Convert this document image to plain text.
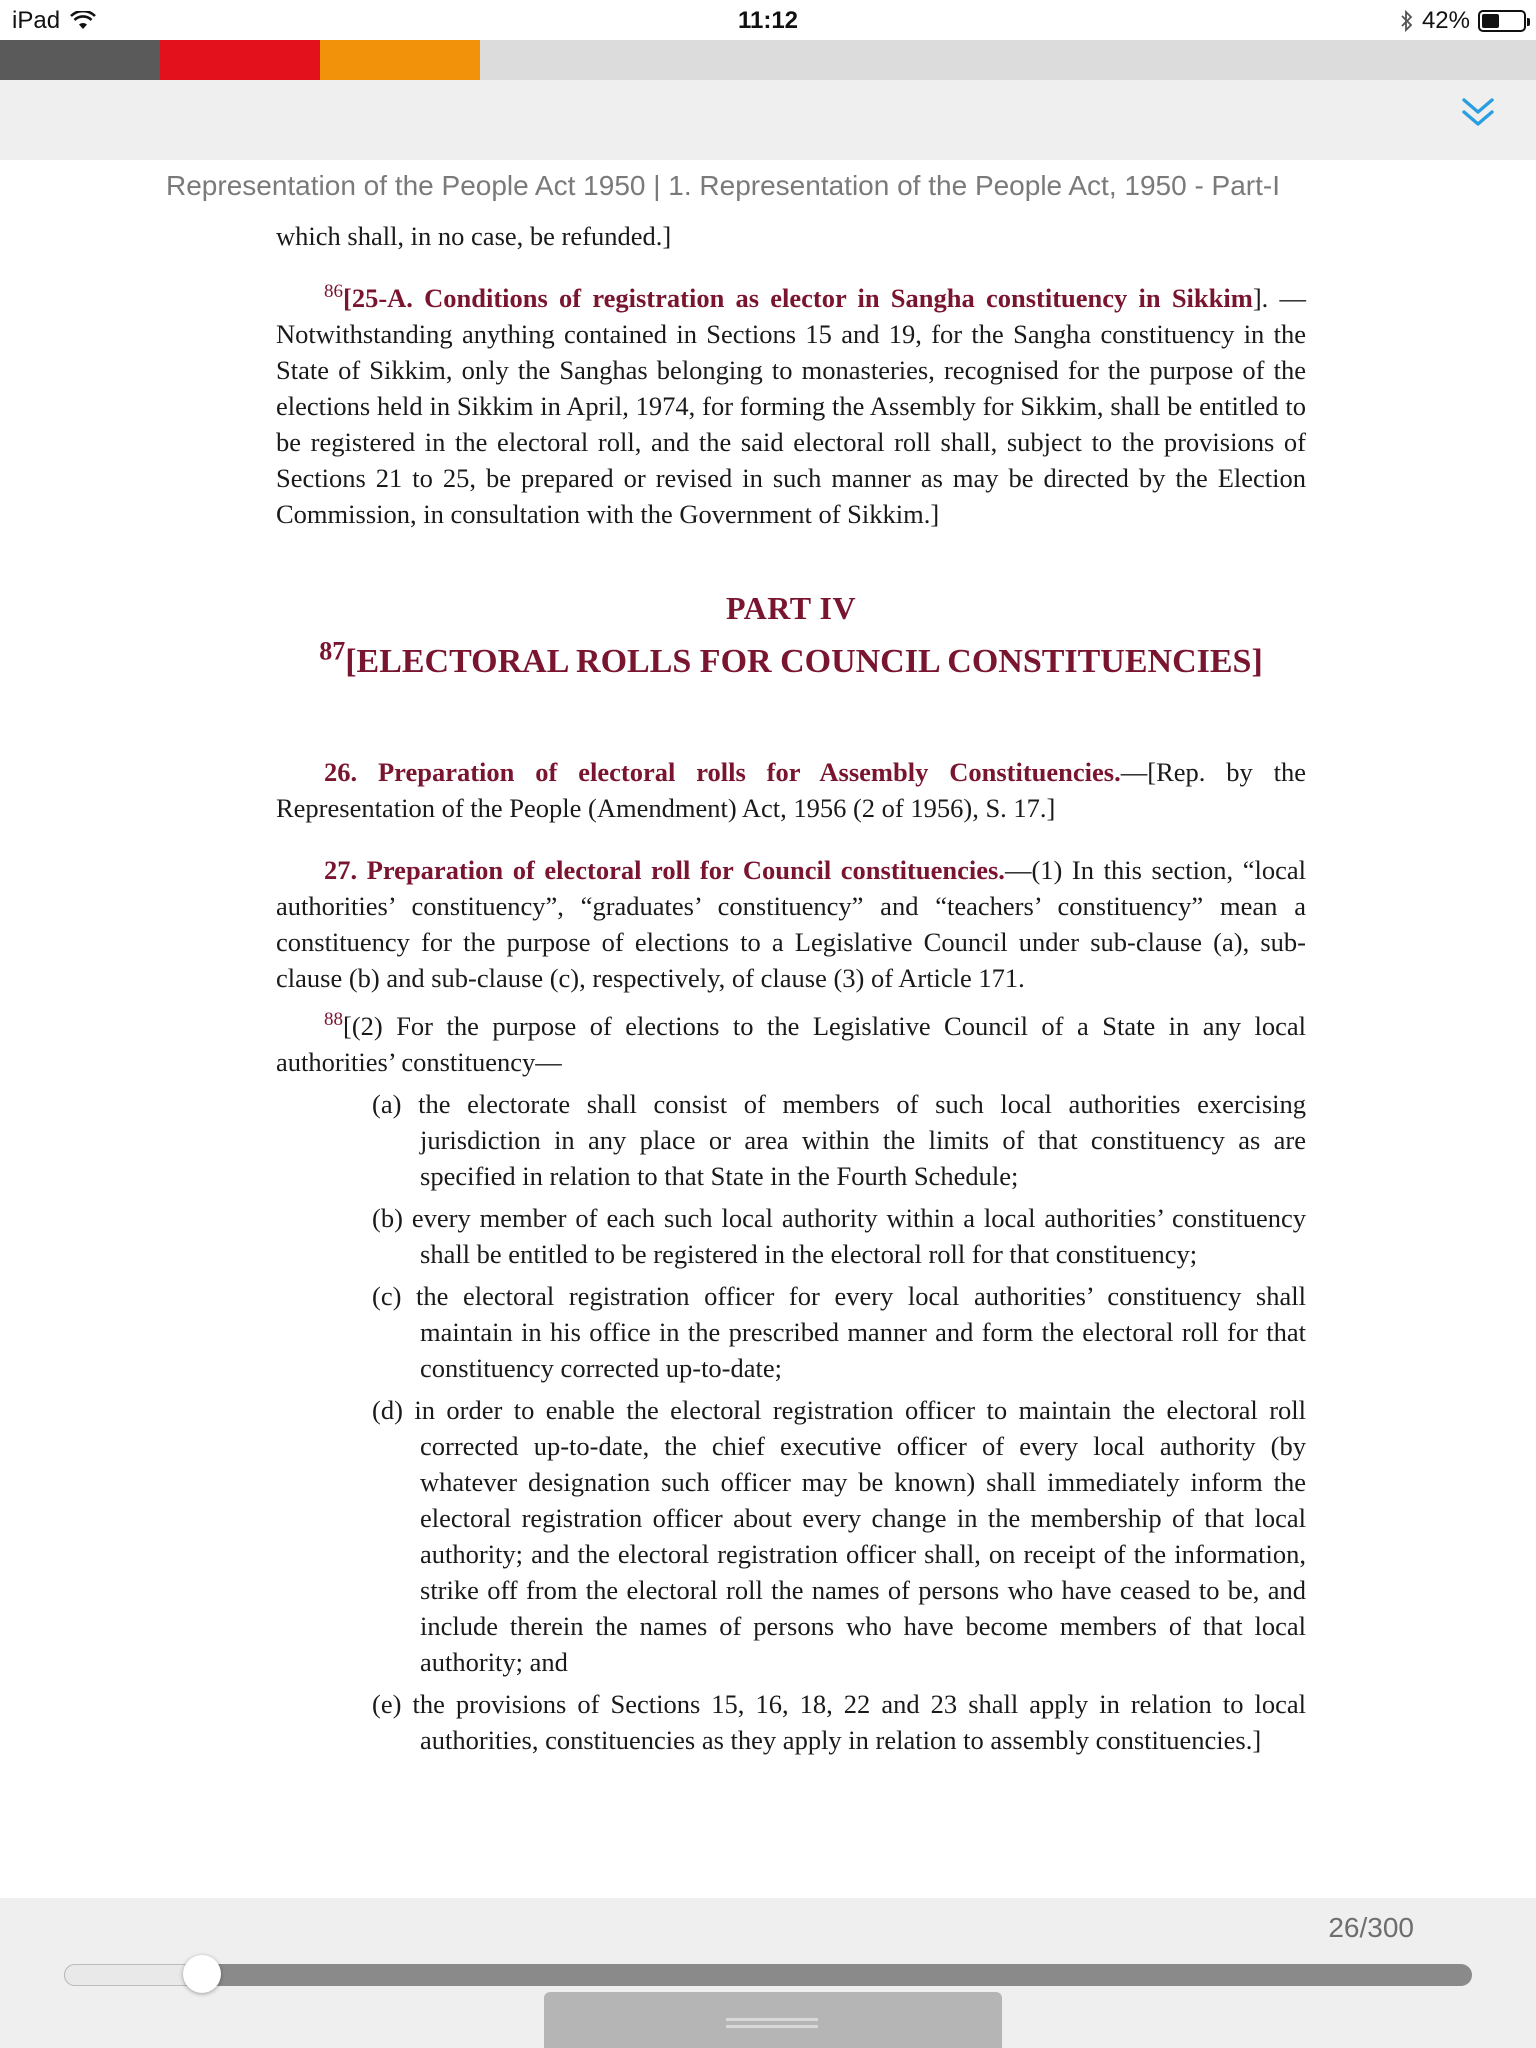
iPad	11:12	42%
Representation of the People Act 1950 | 1. Representation of the People Act, 1950 - Part-I

which shall, in no case, be refunded.]

$^{86}$[25-A. Conditions of registration as elector in Sangha constituency in Sikkim]. —Notwithstanding anything contained in Sections 15 and 19, for the Sangha constituency in the State of Sikkim, only the Sanghas belonging to monasteries, recognised for the purpose of the elections held in Sikkim in April, 1974, for forming the Assembly for Sikkim, shall be entitled to be registered in the electoral roll, and the said electoral roll shall, subject to the provisions of Sections 21 to 25, be prepared or revised in such manner as may be directed by the Election Commission, in consultation with the Government of Sikkim.]

PART IV

$^{87}$[ELECTORAL ROLLS FOR COUNCIL CONSTITUENCIES]

26. Preparation of electoral rolls for Assembly Constituencies.—[Rep. by the Representation of the People (Amendment) Act, 1956 (2 of 1956), S. 17.]

27. Preparation of electoral roll for Council constituencies.—(1) In this section, “local authorities’ constituency”, “graduates’ constituency” and “teachers’ constituency” mean a constituency for the purpose of elections to a Legislative Council under sub-clause (a), sub-clause (b) and sub-clause (c), respectively, of clause (3) of Article 171.

$^{88}$[(2) For the purpose of elections to the Legislative Council of a State in any local authorities’ constituency—

(a) the electorate shall consist of members of such local authorities exercising jurisdiction in any place or area within the limits of that constituency as are specified in relation to that State in the Fourth Schedule;

(b) every member of each such local authority within a local authorities’ constituency shall be entitled to be registered in the electoral roll for that constituency;

(c) the electoral registration officer for every local authorities’ constituency shall maintain in his office in the prescribed manner and form the electoral roll for that constituency corrected up-to-date;

(d) in order to enable the electoral registration officer to maintain the electoral roll corrected up-to-date, the chief executive officer of every local authority (by whatever designation such officer may be known) shall immediately inform the electoral registration officer about every change in the membership of that local authority; and the electoral registration officer shall, on receipt of the information, strike off from the electoral roll the names of persons who have ceased to be, and include therein the names of persons who have become members of that local authority; and

(e) the provisions of Sections 15, 16, 18, 22 and 23 shall apply in relation to local authorities, constituencies as they apply in relation to assembly constituencies.]

26/300
